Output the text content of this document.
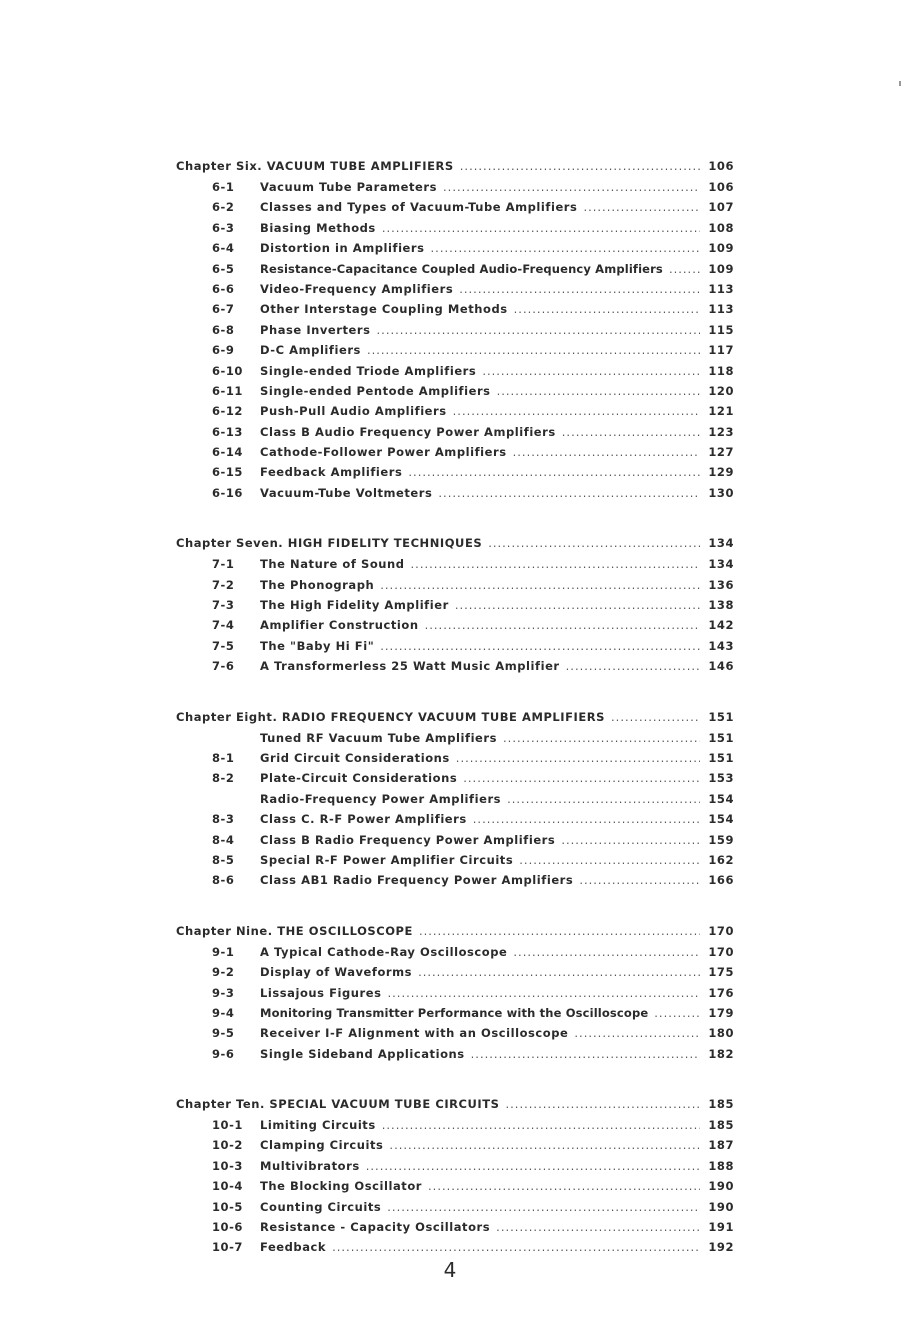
Chapter Six. VACUUM TUBE AMPLIFIERS .....	106
6-1	Vacuum Tube Parameters .....	106
6-2	Classes and Types of Vacuum-Tube Amplifiers .....	107
6-3	Biasing Methods .....	108
6-4	Distortion in Amplifiers .....	109
6-5	Resistance-Capacitance Coupled Audio-Frequency Amplifiers .....	109
6-6	Video-Frequency Amplifiers .....	113
6-7	Other Interstage Coupling Methods .....	113
6-8	Phase Inverters .....	115
6-9	D-C Amplifiers .....	117
6-10	Single-ended Triode Amplifiers .....	118
6-11	Single-ended Pentode Amplifiers .....	120
6-12	Push-Pull Audio Amplifiers .....	121
6-13	Class B Audio Frequency Power Amplifiers .....	123
6-14	Cathode-Follower Power Amplifiers .....	127
6-15	Feedback Amplifiers .....	129
6-16	Vacuum-Tube Voltmeters .....	130
Chapter Seven. HIGH FIDELITY TECHNIQUES .....	134
7-1	The Nature of Sound .....	134
7-2	The Phonograph .....	136
7-3	The High Fidelity Amplifier .....	138
7-4	Amplifier Construction .....	142
7-5	The "Baby Hi Fi" .....	143
7-6	A Transformerless 25 Watt Music Amplifier .....	146
Chapter Eight. RADIO FREQUENCY VACUUM TUBE AMPLIFIERS .....	151
Tuned RF Vacuum Tube Amplifiers .....	151
8-1	Grid Circuit Considerations .....	151
8-2	Plate-Circuit Considerations .....	153
Radio-Frequency Power Amplifiers .....	154
8-3	Class C. R-F Power Amplifiers .....	154
8-4	Class B Radio Frequency Power Amplifiers .....	159
8-5	Special R-F Power Amplifier Circuits .....	162
8-6	Class AB1 Radio Frequency Power Amplifiers .....	166
Chapter Nine. THE OSCILLOSCOPE .....	170
9-1	A Typical Cathode-Ray Oscilloscope .....	170
9-2	Display of Waveforms .....	175
9-3	Lissajous Figures .....	176
9-4	Monitoring Transmitter Performance with the Oscilloscope .....	179
9-5	Receiver I-F Alignment with an Oscilloscope .....	180
9-6	Single Sideband Applications .....	182
Chapter Ten. SPECIAL VACUUM TUBE CIRCUITS .....	185
10-1	Limiting Circuits .....	185
10-2	Clamping Circuits .....	187
10-3	Multivibrators .....	188
10-4	The Blocking Oscillator .....	190
10-5	Counting Circuits .....	190
10-6	Resistance - Capacity Oscillators .....	191
10-7	Feedback .....	192
4
